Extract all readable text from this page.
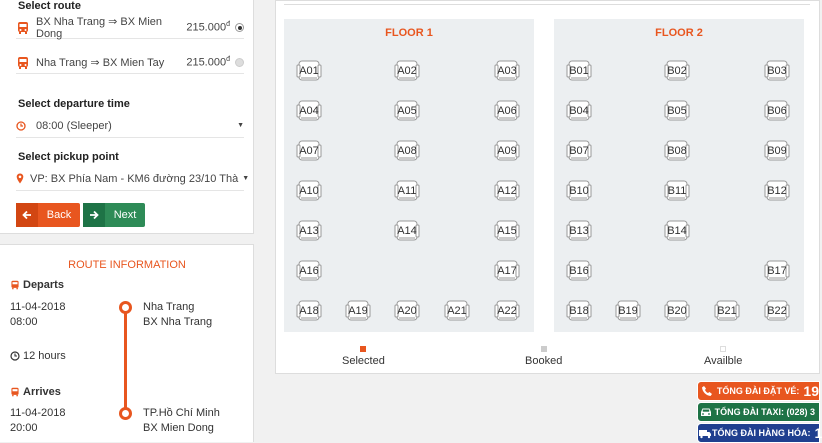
Select route
BX Nha Trang ⇒ BX Mien Dong
$215.000^đ$
Nha Trang ⇒ BX Mien Tay	$215.000^đ$
Select departure time
08:00 (Sleeper)	▼
Select pickup point
VP: BX Phía Nam - KM6 đường 23/10 Thà ▼
Back	Next
ROUTE INFORMATION
Departs
11-04-2018
08:00
Nha Trang
BX Nha Trang
12 hours
Arrives
11-04-2018
20:00
TP.Hồ Chí Minh
BX Mien Dong
FLOOR 1
A01	A02	A03
A04	A05	A06
A07	A08	A09
A10	A11	A12
A13	A14	A15
A16	A17
A18	A19	A20	A21	A22
FLOOR 2
B01	B02	B03
B04	B05	B06
B07	B08	B09
B10	B11	B12
B13	B14
B16	B17
B18	B19	B20	B21	B22
Selected	Booked	Availble
TỔNG ĐÀI ĐẶT VÉ: 19
TỔNG ĐÀI TAXI: (028) 3
TỔNG ĐÀI HÀNG HÓA: 1
